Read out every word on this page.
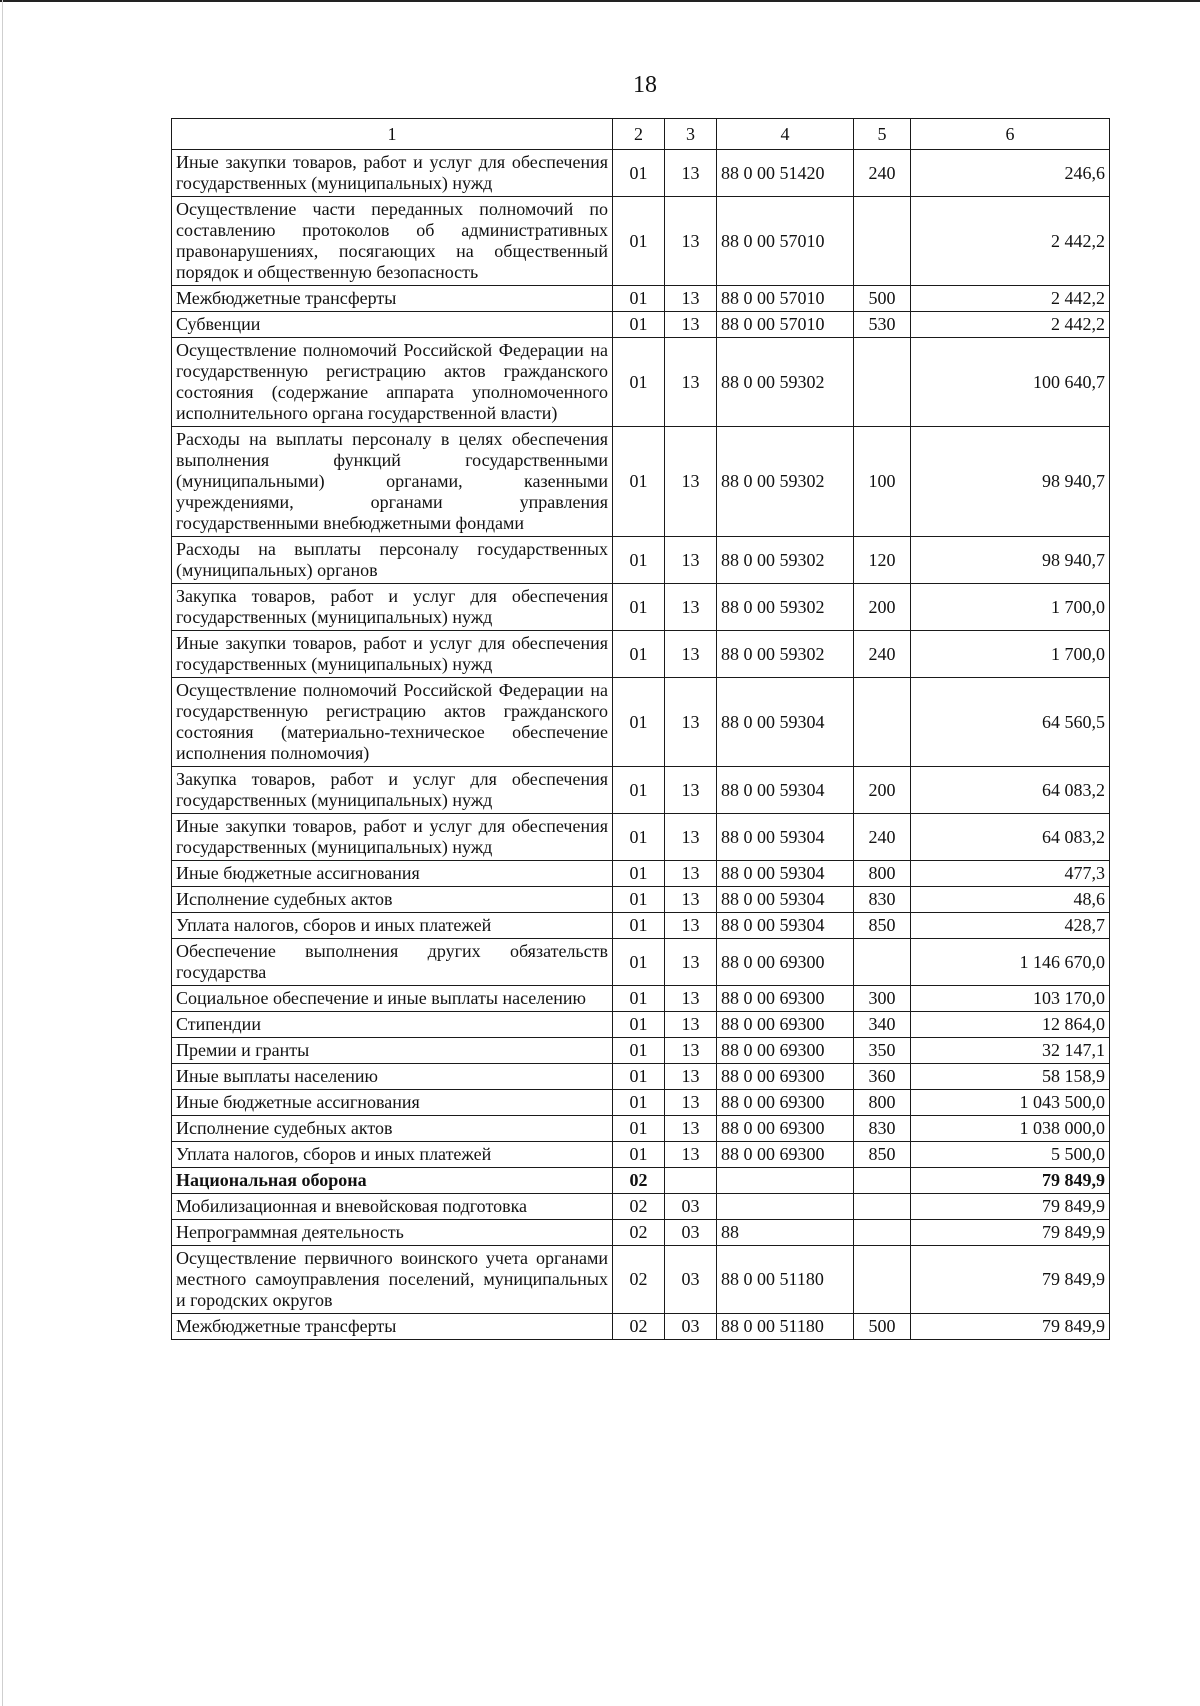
18
1	2	3	4	5	6
Иные закупки товаров, работ и услуг для обеспечения государственных (муниципальных) нужд	01	13	88 0 00 51420	240	246,6
Осуществление части переданных полномочий по составлению протоколов об административных правонарушениях, посягающих на общественный порядок и общественную безопасность	01	13	88 0 00 57010		2 442,2
Межбюджетные трансферты	01	13	88 0 00 57010	500	2 442,2
Субвенции	01	13	88 0 00 57010	530	2 442,2
Осуществление полномочий Российской Федерации на государственную регистрацию актов гражданского состояния (содержание аппарата уполномоченного исполнительного органа государственной власти)	01	13	88 0 00 59302		100 640,7
Расходы на выплаты персоналу в целях обеспечения выполнения функций государственными (муниципальными) органами, казенными учреждениями, органами управления государственными внебюджетными фондами	01	13	88 0 00 59302	100	98 940,7
Расходы на выплаты персоналу государственных (муниципальных) органов	01	13	88 0 00 59302	120	98 940,7
Закупка товаров, работ и услуг для обеспечения государственных (муниципальных) нужд	01	13	88 0 00 59302	200	1 700,0
Иные закупки товаров, работ и услуг для обеспечения государственных (муниципальных) нужд	01	13	88 0 00 59302	240	1 700,0
Осуществление полномочий Российской Федерации на государственную регистрацию актов гражданского состояния (материально-техническое обеспечение исполнения полномочия)	01	13	88 0 00 59304		64 560,5
Закупка товаров, работ и услуг для обеспечения государственных (муниципальных) нужд	01	13	88 0 00 59304	200	64 083,2
Иные закупки товаров, работ и услуг для обеспечения государственных (муниципальных) нужд	01	13	88 0 00 59304	240	64 083,2
Иные бюджетные ассигнования	01	13	88 0 00 59304	800	477,3
Исполнение судебных актов	01	13	88 0 00 59304	830	48,6
Уплата налогов, сборов и иных платежей	01	13	88 0 00 59304	850	428,7
Обеспечение выполнения других обязательств государства	01	13	88 0 00 69300		1 146 670,0
Социальное обеспечение и иные выплаты населению	01	13	88 0 00 69300	300	103 170,0
Стипендии	01	13	88 0 00 69300	340	12 864,0
Премии и гранты	01	13	88 0 00 69300	350	32 147,1
Иные выплаты населению	01	13	88 0 00 69300	360	58 158,9
Иные бюджетные ассигнования	01	13	88 0 00 69300	800	1 043 500,0
Исполнение судебных актов	01	13	88 0 00 69300	830	1 038 000,0
Уплата налогов, сборов и иных платежей	01	13	88 0 00 69300	850	5 500,0
Национальная оборона	02				79 849,9
Мобилизационная и вневойсковая подготовка	02	03			79 849,9
Непрограммная деятельность	02	03	88		79 849,9
Осуществление первичного воинского учета органами местного самоуправления поселений, муниципальных и городских округов	02	03	88 0 00 51180		79 849,9
Межбюджетные трансферты	02	03	88 0 00 51180	500	79 849,9
